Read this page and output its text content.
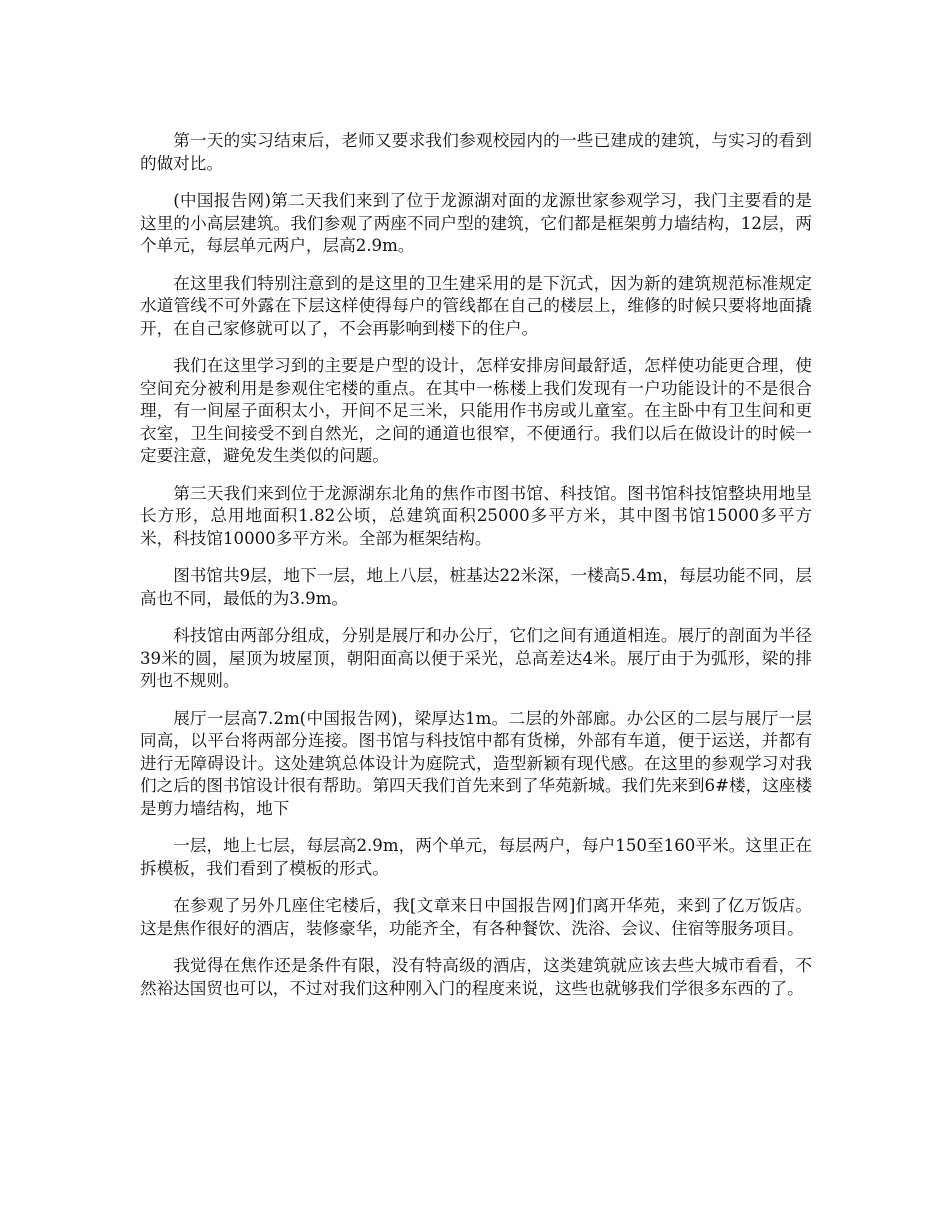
第一天的实习结束后，老师又要求我们参观校园内的一些已建成的建筑，与实习的看到的做对比。

(中国报告网)第二天我们来到了位于龙源湖对面的龙源世家参观学习，我门主要看的是这里的小高层建筑。我们参观了两座不同户型的建筑，它们都是框架剪力墙结构，12层，两个单元，每层单元两户，层高2.9m。

在这里我们特别注意到的是这里的卫生建采用的是下沉式，因为新的建筑规范标准规定水道管线不可外露在下层这样使得每户的管线都在自己的楼层上，维修的时候只要将地面撬开，在自己家修就可以了，不会再影响到楼下的住户。

我们在这里学习到的主要是户型的设计，怎样安排房间最舒适，怎样使功能更合理，使空间充分被利用是参观住宅楼的重点。在其中一栋楼上我们发现有一户功能设计的不是很合理，有一间屋子面积太小，开间不足三米，只能用作书房或儿童室。在主卧中有卫生间和更衣室，卫生间接受不到自然光，之间的通道也很窄，不便通行。我们以后在做设计的时候一定要注意，避免发生类似的问题。

第三天我们来到位于龙源湖东北角的焦作市图书馆、科技馆。图书馆科技馆整块用地呈长方形，总用地面积1.82公顷，总建筑面积25000多平方米，其中图书馆15000多平方米，科技馆10000多平方米。全部为框架结构。

图书馆共9层，地下一层，地上八层，桩基达22米深，一楼高5.4m，每层功能不同，层高也不同，最低的为3.9m。

科技馆由两部分组成，分别是展厅和办公厅，它们之间有通道相连。展厅的剖面为半径39米的圆，屋顶为坡屋顶，朝阳面高以便于采光，总高差达4米。展厅由于为弧形，梁的排列也不规则。

展厅一层高7.2m(中国报告网)，梁厚达1m。二层的外部廊。办公区的二层与展厅一层同高，以平台将两部分连接。图书馆与科技馆中都有货梯，外部有车道，便于运送，并都有进行无障碍设计。这处建筑总体设计为庭院式，造型新颖有现代感。在这里的参观学习对我们之后的图书馆设计很有帮助。第四天我们首先来到了华苑新城。我们先来到6#楼，这座楼是剪力墙结构，地下

一层，地上七层，每层高2.9m，两个单元，每层两户，每户150至160平米。这里正在拆模板，我们看到了模板的形式。

在参观了另外几座住宅楼后，我[文章来日中国报告网]们离开华苑，来到了亿万饭店。这是焦作很好的酒店，装修豪华，功能齐全，有各种餐饮、洗浴、会议、住宿等服务项目。

我觉得在焦作还是条件有限，没有特高级的酒店，这类建筑就应该去些大城市看看，不然裕达国贸也可以，不过对我们这种刚入门的程度来说，这些也就够我们学很多东西的了。
